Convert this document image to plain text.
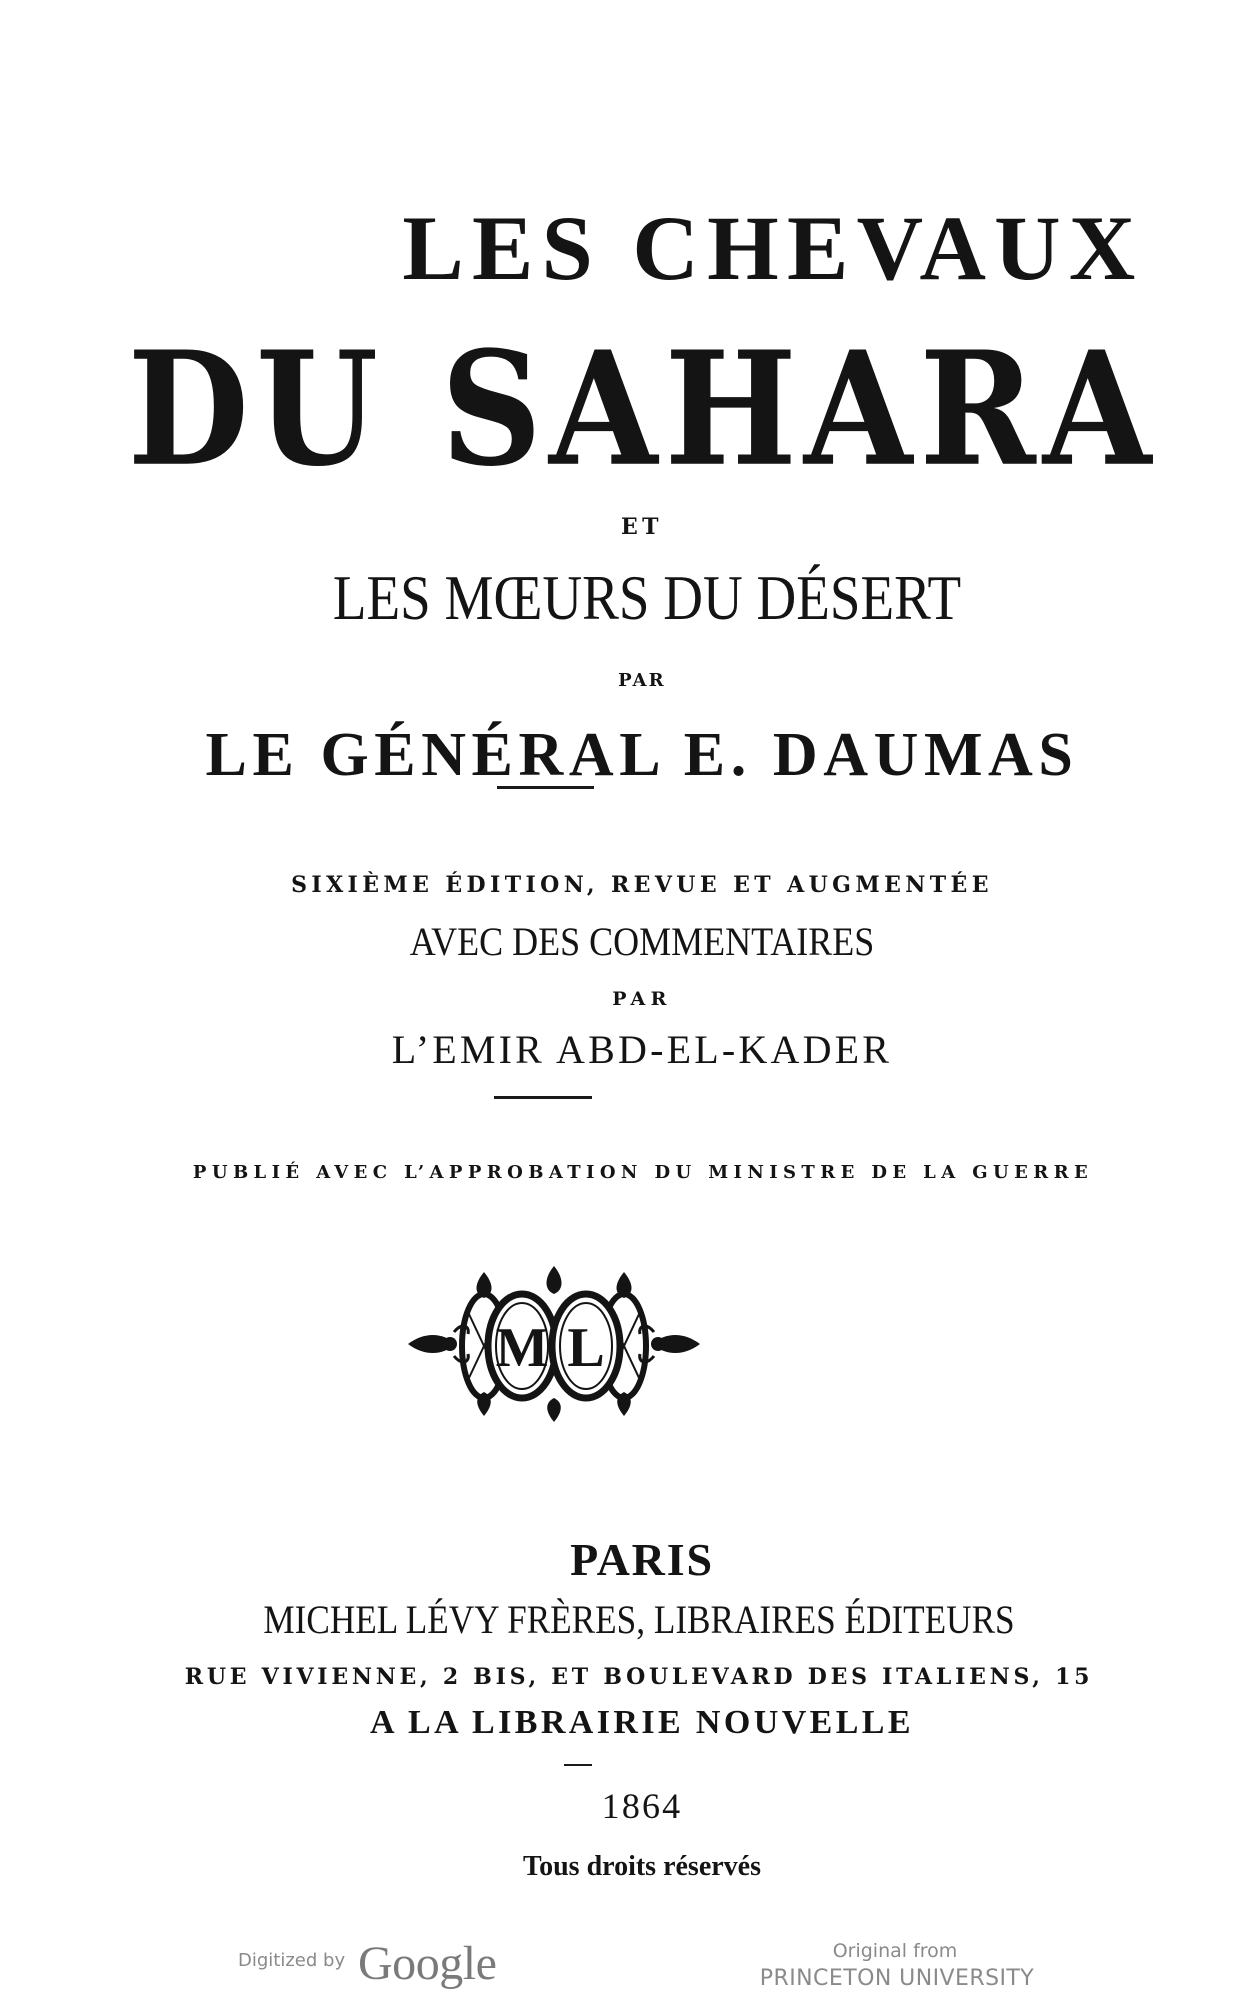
LES CHEVAUX
DU SAHARA
ET
LES MŒURS DU DÉSERT
PAR
LE GÉNÉRAL E. DAUMAS
SIXIÈME ÉDITION, REVUE ET AUGMENTÉE
AVEC DES COMMENTAIRES
PAR
L’EMIR ABD-EL-KADER
PUBLIÉ AVEC L’APPROBATION DU MINISTRE DE LA GUERRE
M L
PARIS
MICHEL LÉVY FRÈRES, LIBRAIRES ÉDITEURS
RUE VIVIENNE, 2 BIS, ET BOULEVARD DES ITALIENS, 15
A LA LIBRAIRIE NOUVELLE
1864
Tous droits réservés
Digitized by Google	Original from
PRINCETON UNIVERSITY
